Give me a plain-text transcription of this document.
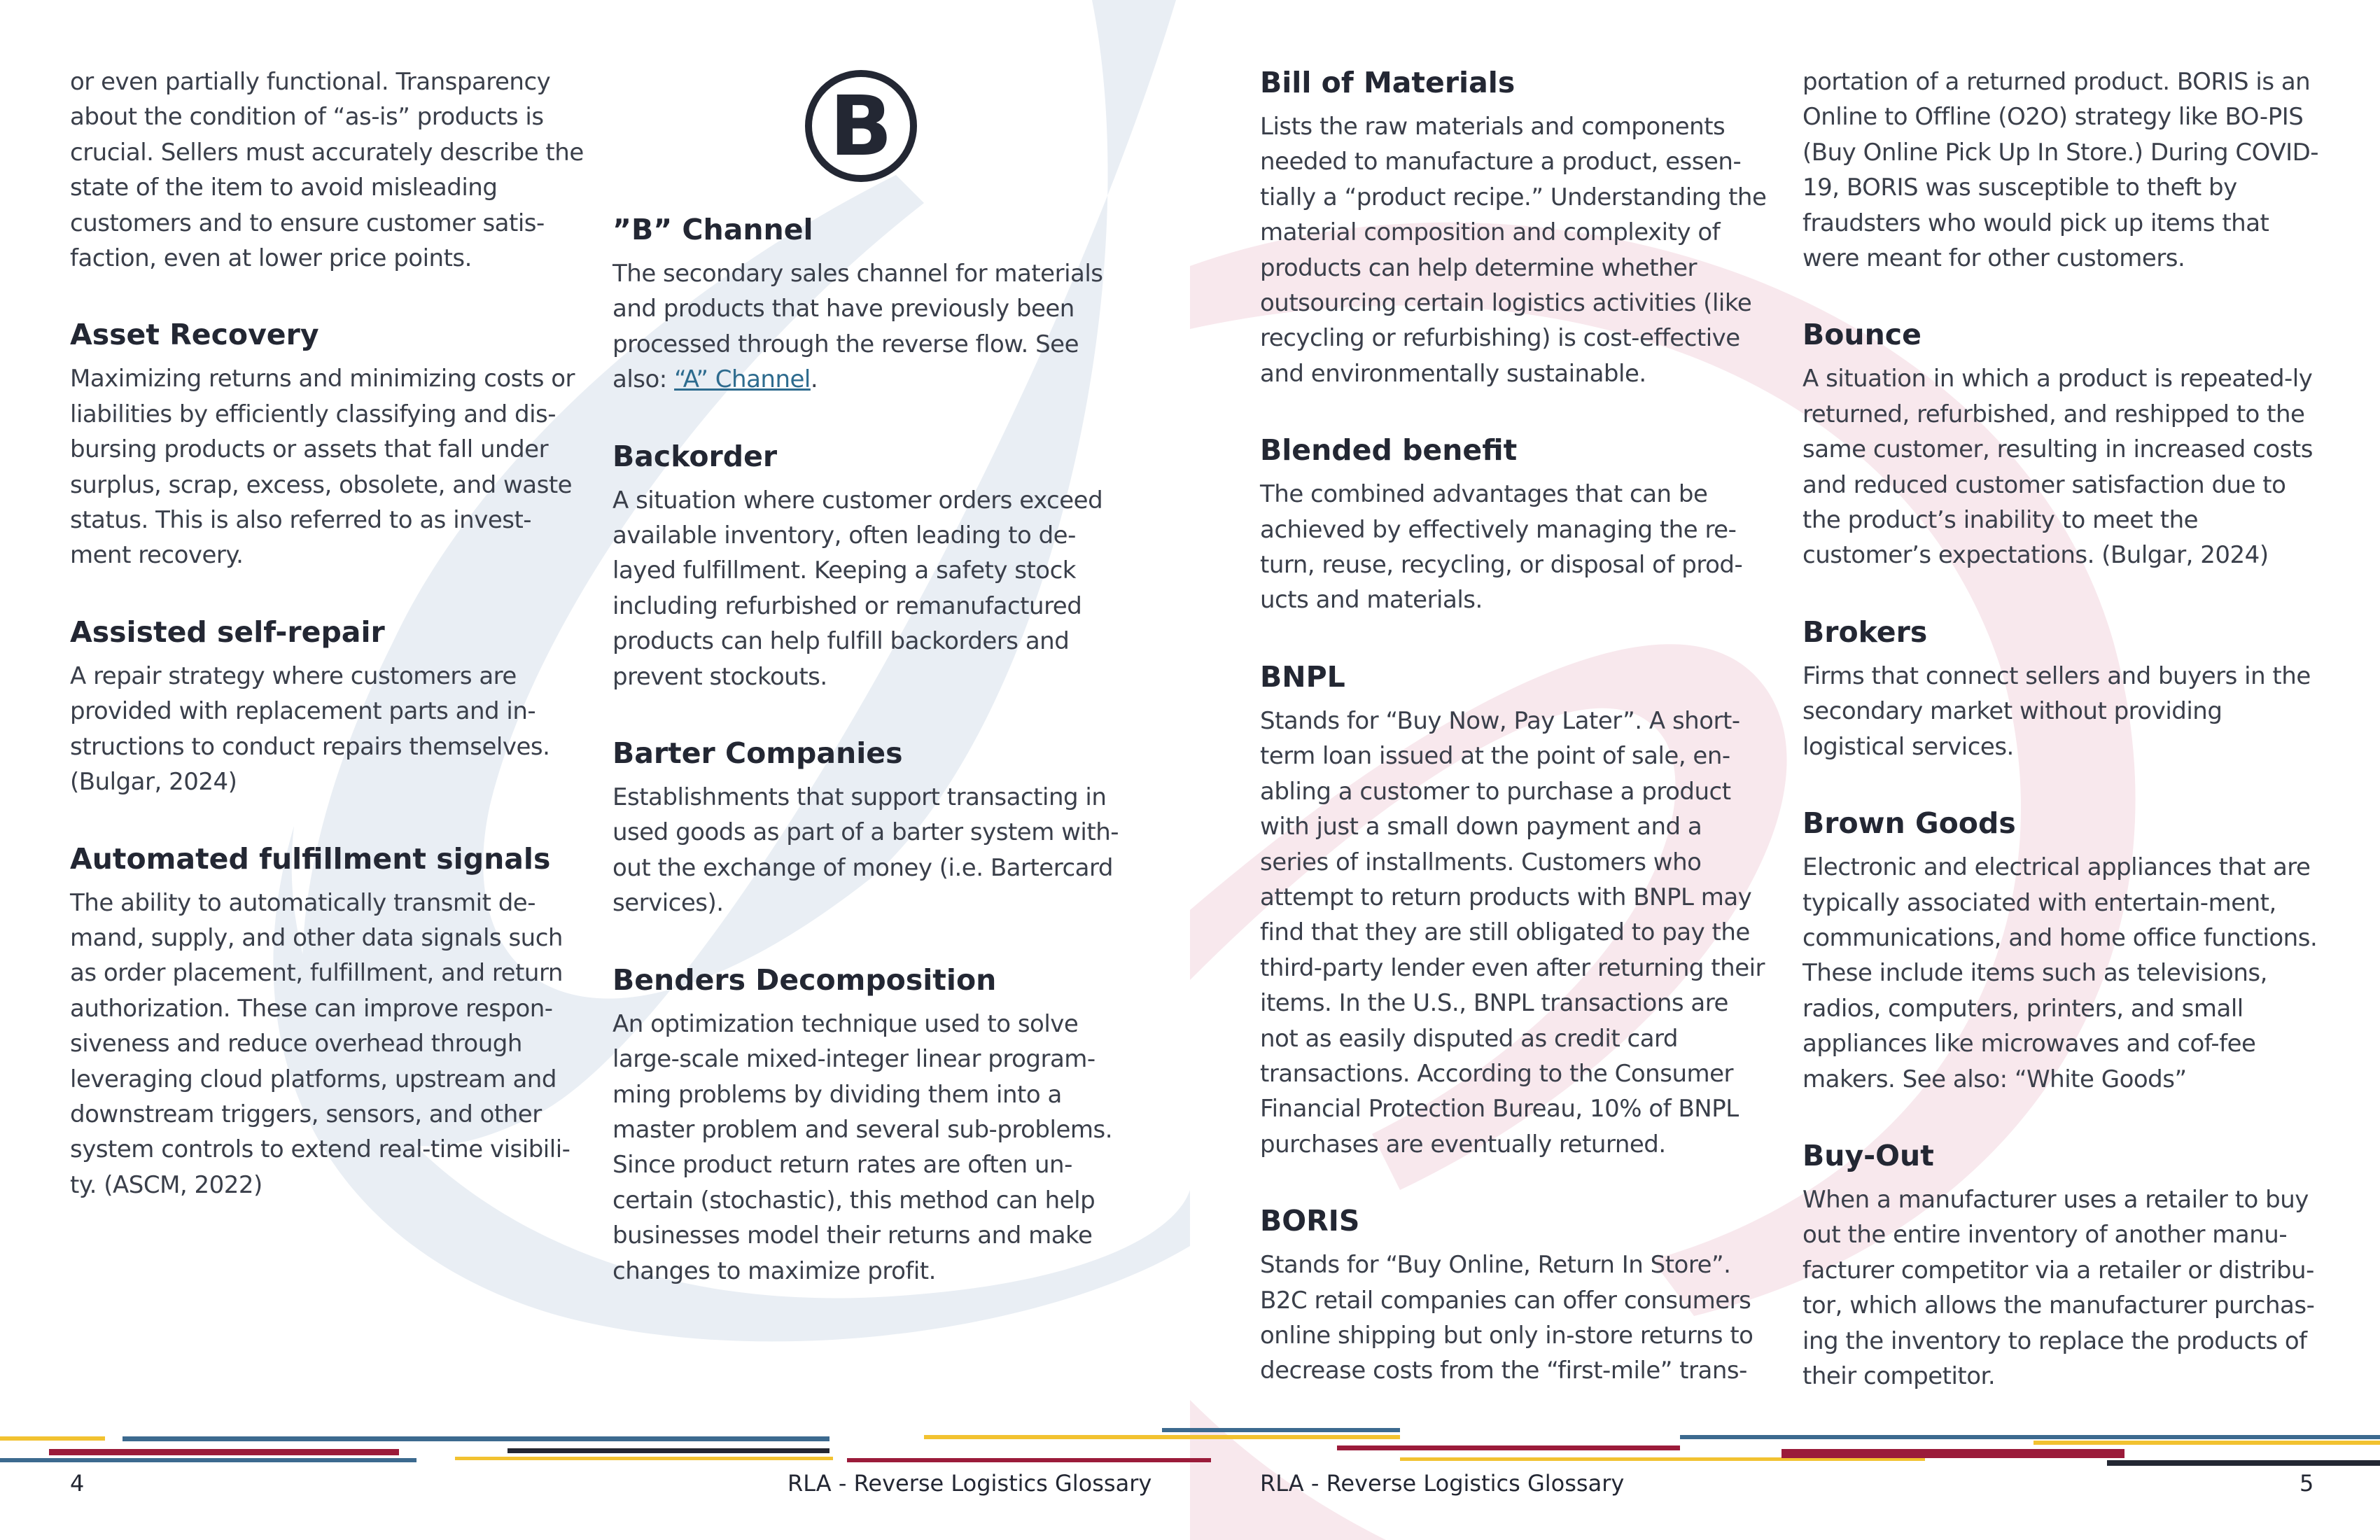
or even partially functional. Transparency about the condition of “as-is” products is crucial. Sellers must accurately describe the state of the item to avoid misleading customers and to ensure customer satis-faction, even at lower price points.

Asset Recovery

Maximizing returns and minimizing costs or liabilities by efficiently classifying and dis-bursing products or assets that fall under surplus, scrap, excess, obsolete, and waste status. This is also referred to as invest-ment recovery.

Assisted self-repair

A repair strategy where customers are provided with replacement parts and in-structions to conduct repairs themselves. (Bulgar, 2024)

Automated fulfillment signals

The ability to automatically transmit de-mand, supply, and other data signals such as order placement, fulfillment, and return authorization. These can improve respon-siveness and reduce overhead through leveraging cloud platforms, upstream and downstream triggers, sensors, and other system controls to extend real-time visibili-ty. (ASCM, 2022)

B
”B” Channel

The secondary sales channel for materials and products that have previously been processed through the reverse flow. See also: “A” Channel.

Backorder

A situation where customer orders exceed available inventory, often leading to de-layed fulfillment. Keeping a safety stock including refurbished or remanufactured products can help fulfill backorders and prevent stockouts.

Barter Companies

Establishments that support transacting in used goods as part of a barter system with-out the exchange of money (i.e. Bartercard services).

Benders Decomposition

An optimization technique used to solve large-scale mixed-integer linear program-ming problems by dividing them into a master problem and several sub-problems. Since product return rates are often un-certain (stochastic), this method can help businesses model their returns and make changes to maximize profit.

Bill of Materials

Lists the raw materials and components needed to manufacture a product, essen-tially a “product recipe.” Understanding the material composition and complexity of products can help determine whether outsourcing certain logistics activities (like recycling or refurbishing) is cost-effective and environmentally sustainable.

Blended benefit

The combined advantages that can be achieved by effectively managing the re-turn, reuse, recycling, or disposal of prod-ucts and materials.

BNPL

Stands for “Buy Now, Pay Later”. A short-term loan issued at the point of sale, en-abling a customer to purchase a product with just a small down payment and a series of installments. Customers who attempt to return products with BNPL may find that they are still obligated to pay the third-party lender even after returning their items. In the U.S., BNPL transactions are not as easily disputed as credit card transactions. According to the Consumer Financial Protection Bureau, 10% of BNPL purchases are eventually returned.

BORIS

Stands for “Buy Online, Return In Store”. B2C retail companies can offer consumers online shipping but only in-store returns to decrease costs from the “first-mile” trans-

portation of a returned product. BORIS is an Online to Offline (O2O) strategy like BO-PIS (Buy Online Pick Up In Store.) During COVID-19, BORIS was susceptible to theft by fraudsters who would pick up items that were meant for other customers.

Bounce

A situation in which a product is repeated-ly returned, refurbished, and reshipped to the same customer, resulting in increased costs and reduced customer satisfaction due to the product’s inability to meet the customer’s expectations. (Bulgar, 2024)

Brokers

Firms that connect sellers and buyers in the secondary market without providing logistical services.

Brown Goods

Electronic and electrical appliances that are typically associated with entertain-ment, communications, and home office functions. These include items such as televisions, radios, computers, printers, and small appliances like microwaves and cof-fee makers. See also: “White Goods”

Buy-Out

When a manufacturer uses a retailer to buy out the entire inventory of another manu-facturer competitor via a retailer or distribu-tor, which allows the manufacturer purchas-ing the inventory to replace the products of their competitor.

4	RLA - Reverse Logistics Glossary	RLA - Reverse Logistics Glossary	5
